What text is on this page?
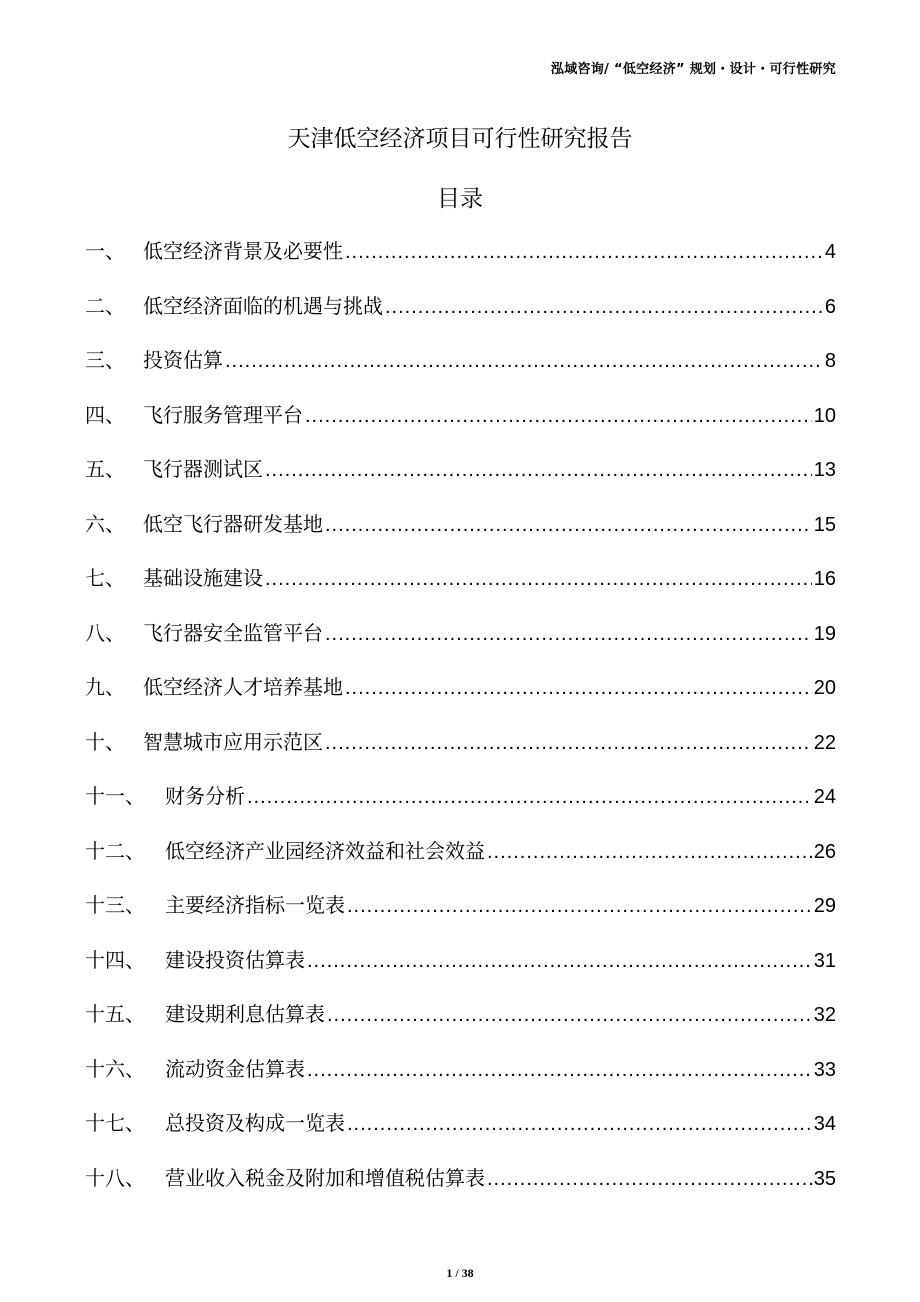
泓域咨询/ “低空经济” 规划・设计・可行性研究
天津低空经济项目可行性研究报告
目录
一、 低空经济背景及必要性 .....	4
二、 低空经济面临的机遇与挑战 .....	6
三、 投资估算 .....	8
四、 飞行服务管理平台 .....	10
五、 飞行器测试区 .....	13
六、 低空飞行器研发基地 .....	15
七、 基础设施建设 .....	16
八、 飞行器安全监管平台 .....	19
九、 低空经济人才培养基地 .....	20
十、 智慧城市应用示范区 .....	22
十一、	财务分析 .....	24
十二、	低空经济产业园经济效益和社会效益 .....	26
十三、	主要经济指标一览表 .....	29
十四、	建设投资估算表 .....	31
十五、	建设期利息估算表 .....	32
十六、	流动资金估算表 .....	33
十七、	总投资及构成一览表 .....	34
十八、	营业收入税金及附加和增值税估算表 .....	35
1 / 38
